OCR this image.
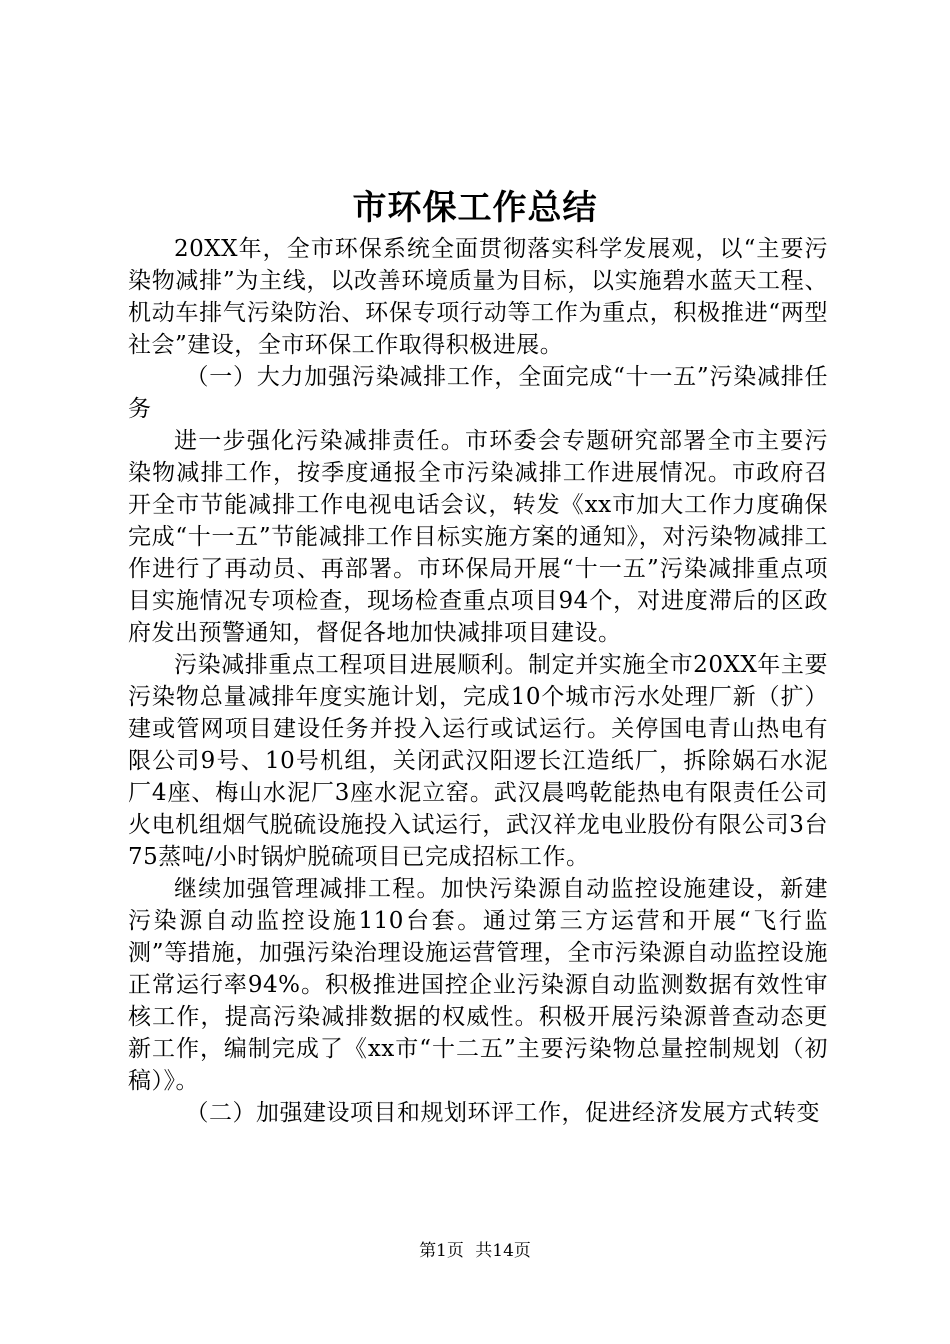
市环保工作总结

20XX年，全市环保系统全面贯彻落实科学发展观，以“主要污染物减排”为主线，以改善环境质量为目标，以实施碧水蓝天工程、机动车排气污染防治、环保专项行动等工作为重点，积极推进“两型社会”建设，全市环保工作取得积极进展。

（一）大力加强污染减排工作，全面完成“十一五”污染减排任务

进一步强化污染减排责任。市环委会专题研究部署全市主要污染物减排工作，按季度通报全市污染减排工作进展情况。市政府召开全市节能减排工作电视电话会议，转发《xx市加大工作力度确保完成“十一五”节能减排工作目标实施方案的通知》，对污染物减排工作进行了再动员、再部署。市环保局开展“十一五”污染减排重点项目实施情况专项检查，现场检查重点项目94个，对进度滞后的区政府发出预警通知，督促各地加快减排项目建设。

污染减排重点工程项目进展顺利。制定并实施全市20XX年主要污染物总量减排年度实施计划，完成10个城市污水处理厂新（扩）建或管网项目建设任务并投入运行或试运行。关停国电青山热电有限公司9号、10号机组，关闭武汉阳逻长江造纸厂，拆除娲石水泥厂4座、梅山水泥厂3座水泥立窑。武汉晨鸣乾能热电有限责任公司火电机组烟气脱硫设施投入试运行，武汉祥龙电业股份有限公司3台75蒸吨/小时锅炉脱硫项目已完成招标工作。

继续加强管理减排工程。加快污染源自动监控设施建设，新建污染源自动监控设施110台套。通过第三方运营和开展“飞行监测”等措施，加强污染治理设施运营管理，全市污染源自动监控设施正常运行率94%。积极推进国控企业污染源自动监测数据有效性审核工作，提高污染减排数据的权威性。积极开展污染源普查动态更新工作，编制完成了《xx市“十二五”主要污染物总量控制规划（初稿）》。

（二）加强建设项目和规划环评工作，促进经济发展方式转变

第1页 共14页
